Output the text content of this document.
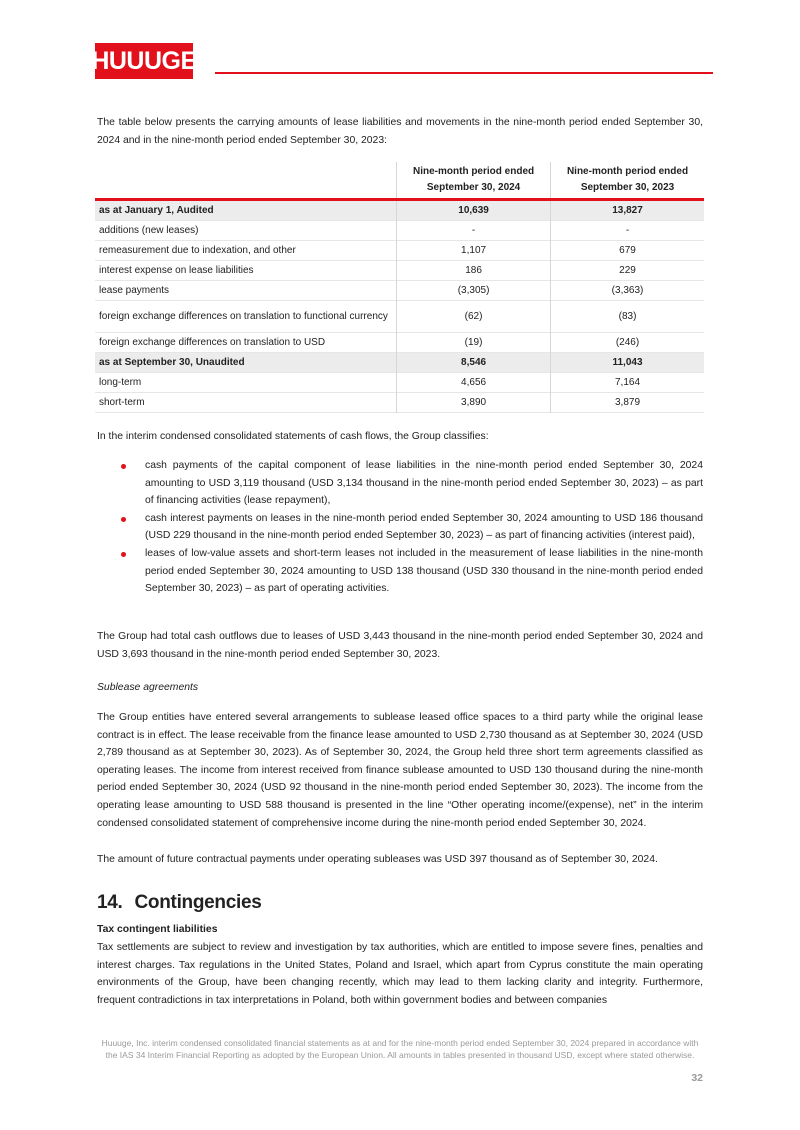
HUUUGE
The table below presents the carrying amounts of lease liabilities and movements in the nine-month period ended September 30, 2024 and in the nine-month period ended September 30, 2023:
	Nine-month period ended September 30, 2024	Nine-month period ended September 30, 2023
as at January 1, Audited	10,639	13,827
additions (new leases)	-	-
remeasurement due to indexation, and other	1,107	679
interest expense on lease liabilities	186	229
lease payments	(3,305)	(3,363)
foreign exchange differences on translation to functional currency	(62)	(83)
foreign exchange differences on translation to USD	(19)	(246)
as at September 30, Unaudited	8,546	11,043
long-term	4,656	7,164
short-term	3,890	3,879
In the interim condensed consolidated statements of cash flows, the Group classifies:
cash payments of the capital component of lease liabilities in the nine-month period ended September 30, 2024 amounting to USD 3,119 thousand (USD 3,134 thousand in the nine-month period ended September 30, 2023) – as part of financing activities (lease repayment),
cash interest payments on leases in the nine-month period ended September 30, 2024 amounting to USD 186 thousand (USD 229 thousand in the nine-month period ended September 30, 2023) – as part of financing activities (interest paid),
leases of low-value assets and short-term leases not included in the measurement of lease liabilities in the nine-month period ended September 30, 2024 amounting to USD 138 thousand (USD 330 thousand in the nine-month period ended September 30, 2023) – as part of operating activities.
The Group had total cash outflows due to leases of USD 3,443 thousand in the nine-month period ended September 30, 2024 and USD 3,693 thousand in the nine-month period ended September 30, 2023.
Sublease agreements
The Group entities have entered several arrangements to sublease leased office spaces to a third party while the original lease contract is in effect. The lease receivable from the finance lease amounted to USD 2,730 thousand as at September 30, 2024 (USD 2,789 thousand as at September 30, 2023). As of September 30, 2024, the Group held three short term agreements classified as operating leases. The income from interest received from finance sublease amounted to USD 130 thousand during the nine-month period ended September 30, 2024 (USD 92 thousand in the nine-month period ended September 30, 2023). The income from the operating lease amounting to USD 588 thousand is presented in the line “Other operating income/(expense), net” in the interim condensed consolidated statement of comprehensive income during the nine-month period ended September 30, 2024.
The amount of future contractual payments under operating subleases was USD 397 thousand as of September 30, 2024.
14. Contingencies
Tax contingent liabilities
Tax settlements are subject to review and investigation by tax authorities, which are entitled to impose severe fines, penalties and interest charges. Tax regulations in the United States, Poland and Israel, which apart from Cyprus constitute the main operating environments of the Group, have been changing recently, which may lead to them lacking clarity and integrity. Furthermore, frequent contradictions in tax interpretations in Poland, both within government bodies and between companies
Huuuge, Inc. interim condensed consolidated financial statements as at and for the nine-month period ended September 30, 2024 prepared in accordance with the IAS 34 Interim Financial Reporting as adopted by the European Union. All amounts in tables presented in thousand USD, except where stated otherwise.
32
